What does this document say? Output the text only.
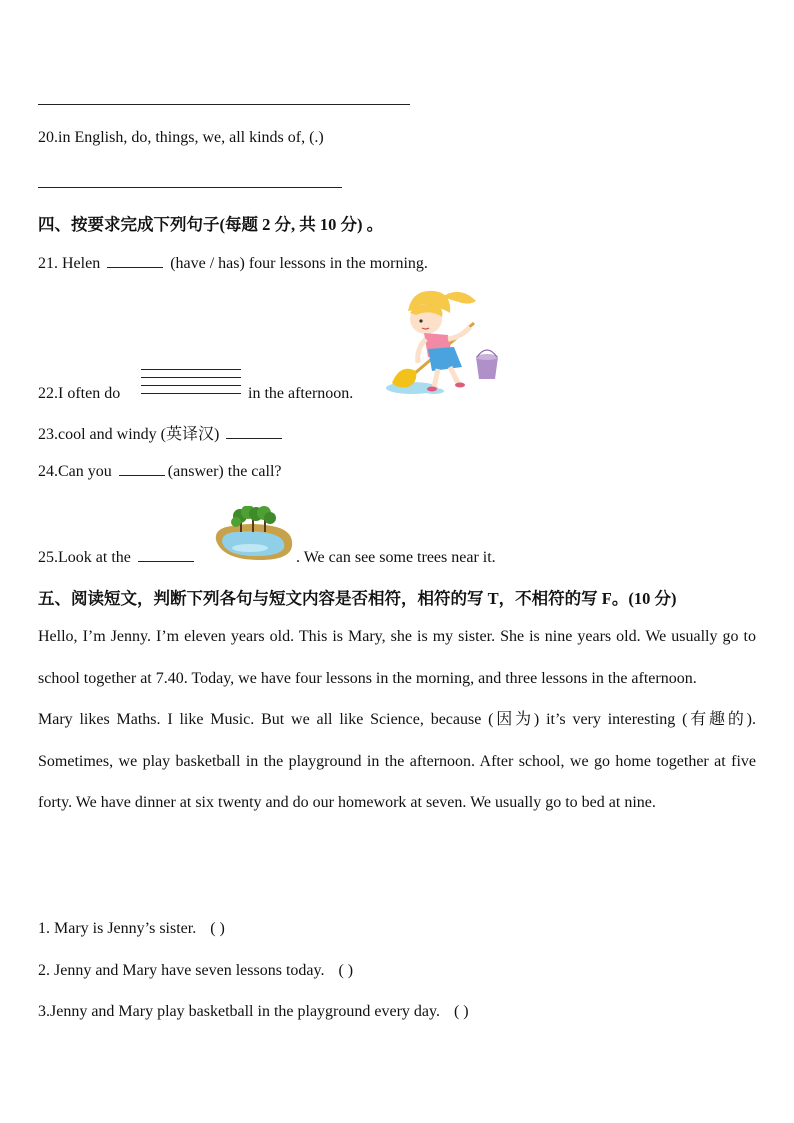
20.in English, do, things, we, all kinds of, (.)
四、按要求完成下列句子(每题 2 分, 共 10 分) 。
21. Helen	(have / has) four lessons in the morning.
22.I often do	in the afternoon.
23.cool and windy (英译汉)
24.Can you	(answer) the call?
25.Look at the	. We can see some trees near it.
五、阅读短文，判断下列各句与短文内容是否相符，相符的写 T，不相符的写 F。(10 分)

Hello, I’m Jenny. I’m eleven years old. This is Mary, she is my sister. She is nine years old. We usually go to school together at 7.40. Today, we have four lessons in the morning, and three lessons in the afternoon.

Mary likes Maths. I like Music. But we all like Science, because (因为) it’s very interesting (有趣的). Sometimes, we play basketball in the playground in the afternoon. After school, we go home together at five forty. We have dinner at six twenty and do our homework at seven. We usually go to bed at nine.

1. Mary is Jenny’s sister. ( )
2. Jenny and Mary have seven lessons today. ( )
3.Jenny and Mary play basketball in the playground every day. ( )
